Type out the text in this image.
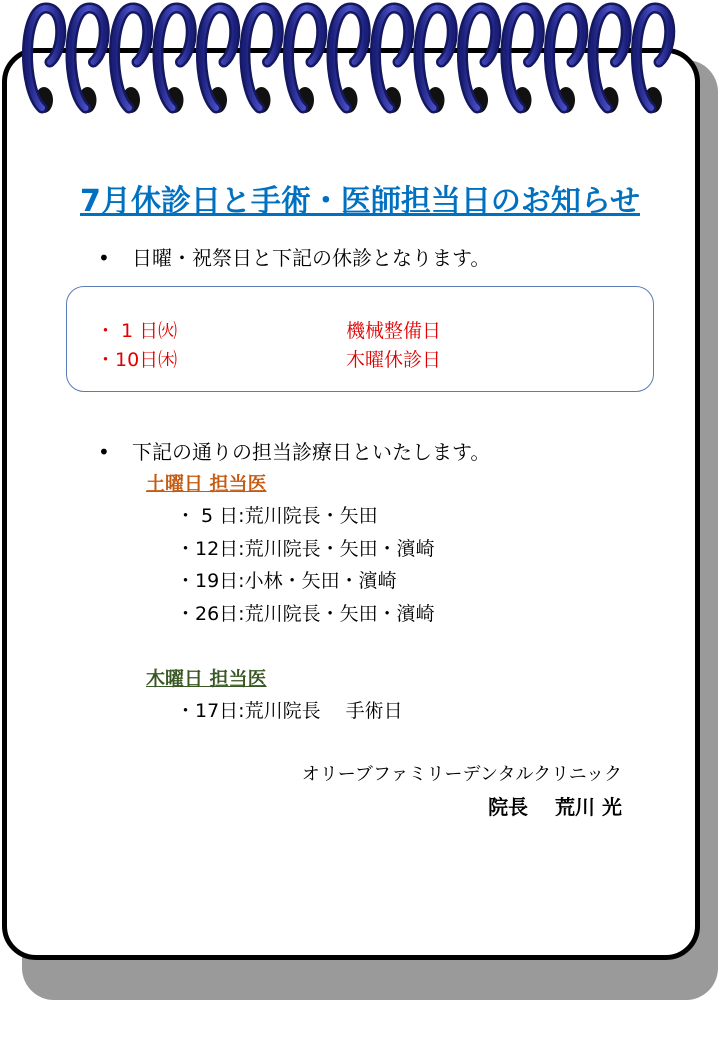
7月休診日と手術・医師担当日のお知らせ
• 日曜・祝祭日と下記の休診となります。
・ 1 日㈫	機械整備日
・10日㈭	木曜休診日
• 下記の通りの担当診療日といたします。
土曜日 担当医
・ 5 日:荒川院長・矢田
・12日:荒川院長・矢田・濱崎
・19日:小林・矢田・濱崎
・26日:荒川院長・矢田・濱崎
木曜日 担当医
・17日:荒川院長　 手術日
オリーブファミリーデンタルクリニック
院長　 荒川 光
